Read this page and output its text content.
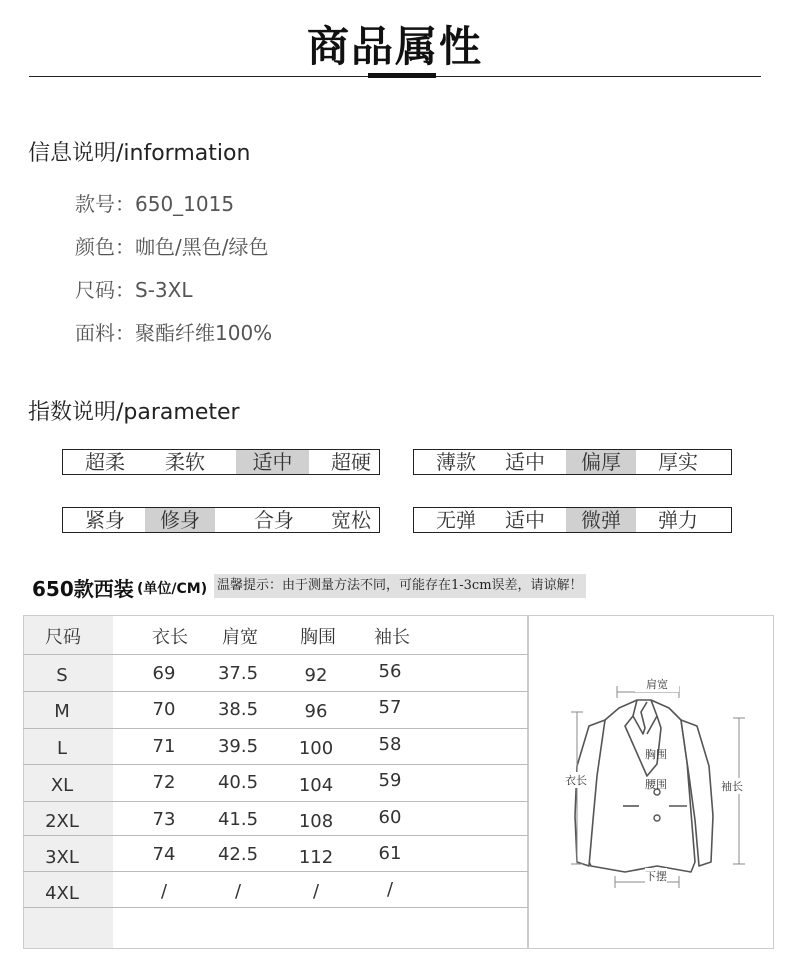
商品属性
信息说明/information
款号：650_1015
颜色：咖色/黑色/绿色
尺码：S-3XL
面料：聚酯纤维100%
指数说明/parameter
超柔	柔软	适中	超硬	薄款	适中	偏厚	厚实
紧身	修身	合身	宽松	无弹	适中	微弹	弹力
650款西装 (单位/CM) 温馨提示：由于测量方法不同，可能存在1-3cm误差，请谅解！
尺码	衣长	肩宽	胸围	袖长
S	69	37.5	92	56
M	70	38.5	96	57
L	71	39.5	100	58
XL	72	40.5	104	59
2XL	73	41.5	108	60
3XL	74	42.5	112	61
4XL	/	/	/	/
肩宽
胸围
腰围
衣长	袖长
下摆
